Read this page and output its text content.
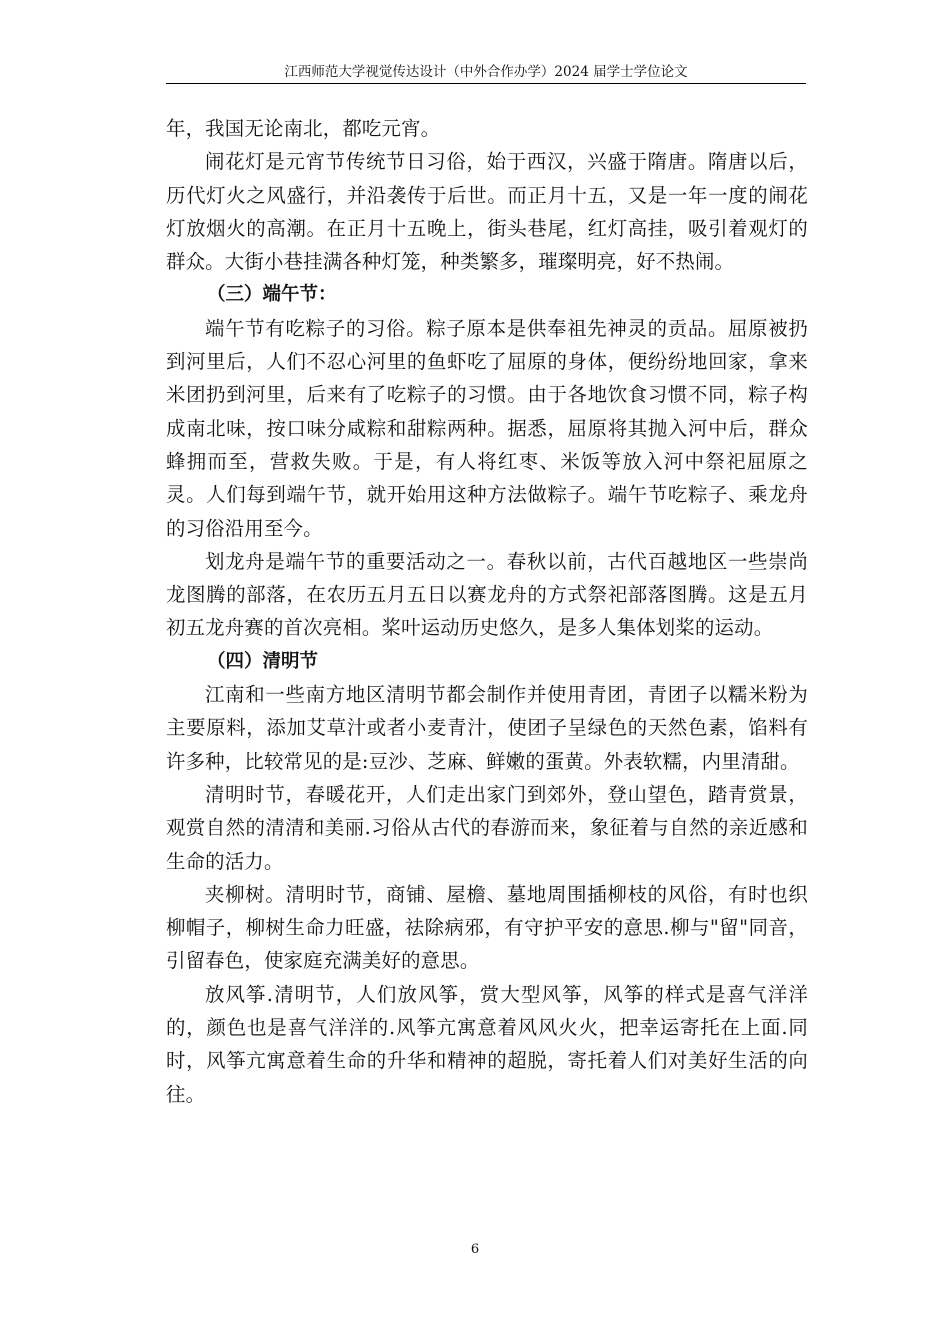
江西师范大学视觉传达设计（中外合作办学）2024 届学士学位论文

年，我国无论南北，都吃元宵。

闹花灯是元宵节传统节日习俗，始于西汉，兴盛于隋唐。隋唐以后，历代灯火之风盛行，并沿袭传于后世。而正月十五，又是一年一度的闹花灯放烟火的高潮。在正月十五晚上，街头巷尾，红灯高挂，吸引着观灯的群众。大街小巷挂满各种灯笼，种类繁多，璀璨明亮，好不热闹。

（三）端午节：

端午节有吃粽子的习俗。粽子原本是供奉祖先神灵的贡品。屈原被扔到河里后，人们不忍心河里的鱼虾吃了屈原的身体，便纷纷地回家，拿来米团扔到河里，后来有了吃粽子的习惯。由于各地饮食习惯不同，粽子构成南北味，按口味分咸粽和甜粽两种。据悉，屈原将其抛入河中后，群众蜂拥而至，营救失败。于是，有人将红枣、米饭等放入河中祭祀屈原之灵。人们每到端午节，就开始用这种方法做粽子。端午节吃粽子、乘龙舟的习俗沿用至今。

划龙舟是端午节的重要活动之一。春秋以前，古代百越地区一些崇尚龙图腾的部落，在农历五月五日以赛龙舟的方式祭祀部落图腾。这是五月初五龙舟赛的首次亮相。桨叶运动历史悠久，是多人集体划桨的运动。

（四）清明节

江南和一些南方地区清明节都会制作并使用青团，青团子以糯米粉为主要原料，添加艾草汁或者小麦青汁，使团子呈绿色的天然色素，馅料有许多种，比较常见的是:豆沙、芝麻、鲜嫩的蛋黄。外表软糯，内里清甜。

清明时节，春暖花开，人们走出家门到郊外，登山望色，踏青赏景，观赏自然的清清和美丽.习俗从古代的春游而来，象征着与自然的亲近感和生命的活力。

夹柳树。清明时节，商铺、屋檐、墓地周围插柳枝的风俗，有时也织柳帽子，柳树生命力旺盛，祛除病邪，有守护平安的意思.柳与"留"同音，引留春色，使家庭充满美好的意思。

放风筝.清明节，人们放风筝，赏大型风筝，风筝的样式是喜气洋洋的，颜色也是喜气洋洋的.风筝亢寓意着风风火火，把幸运寄托在上面.同时，风筝亢寓意着生命的升华和精神的超脱，寄托着人们对美好生活的向往。

6
